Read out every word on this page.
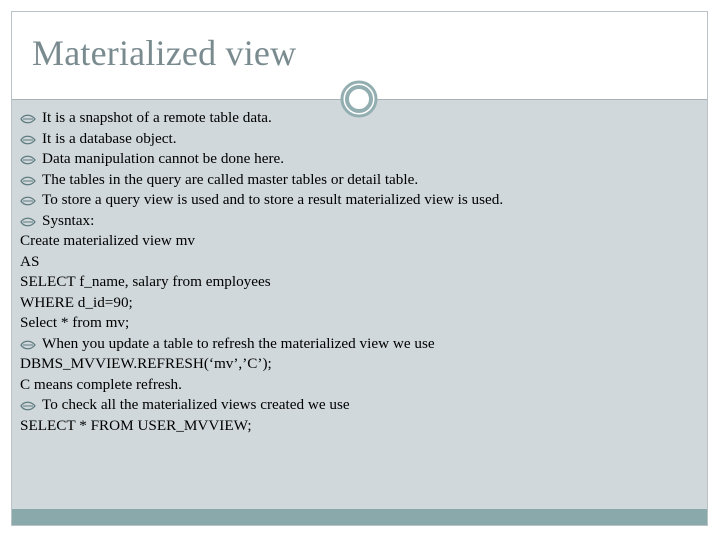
Materialized view
It is a snapshot of a remote table data.
It is a database object.
Data manipulation cannot be done here.
The tables in the query are called master tables or detail table.
To store a query view is used and to store a result materialized view is used.
Sysntax:
Create materialized view mv
AS
SELECT f_name, salary from employees
WHERE d_id=90;
Select * from mv;
When you update a table to refresh the materialized view we use
DBMS_MVVIEW.REFRESH(‘mv’,’C’);
C means complete refresh.
To check all the materialized views created we use
SELECT * FROM USER_MVVIEW;
